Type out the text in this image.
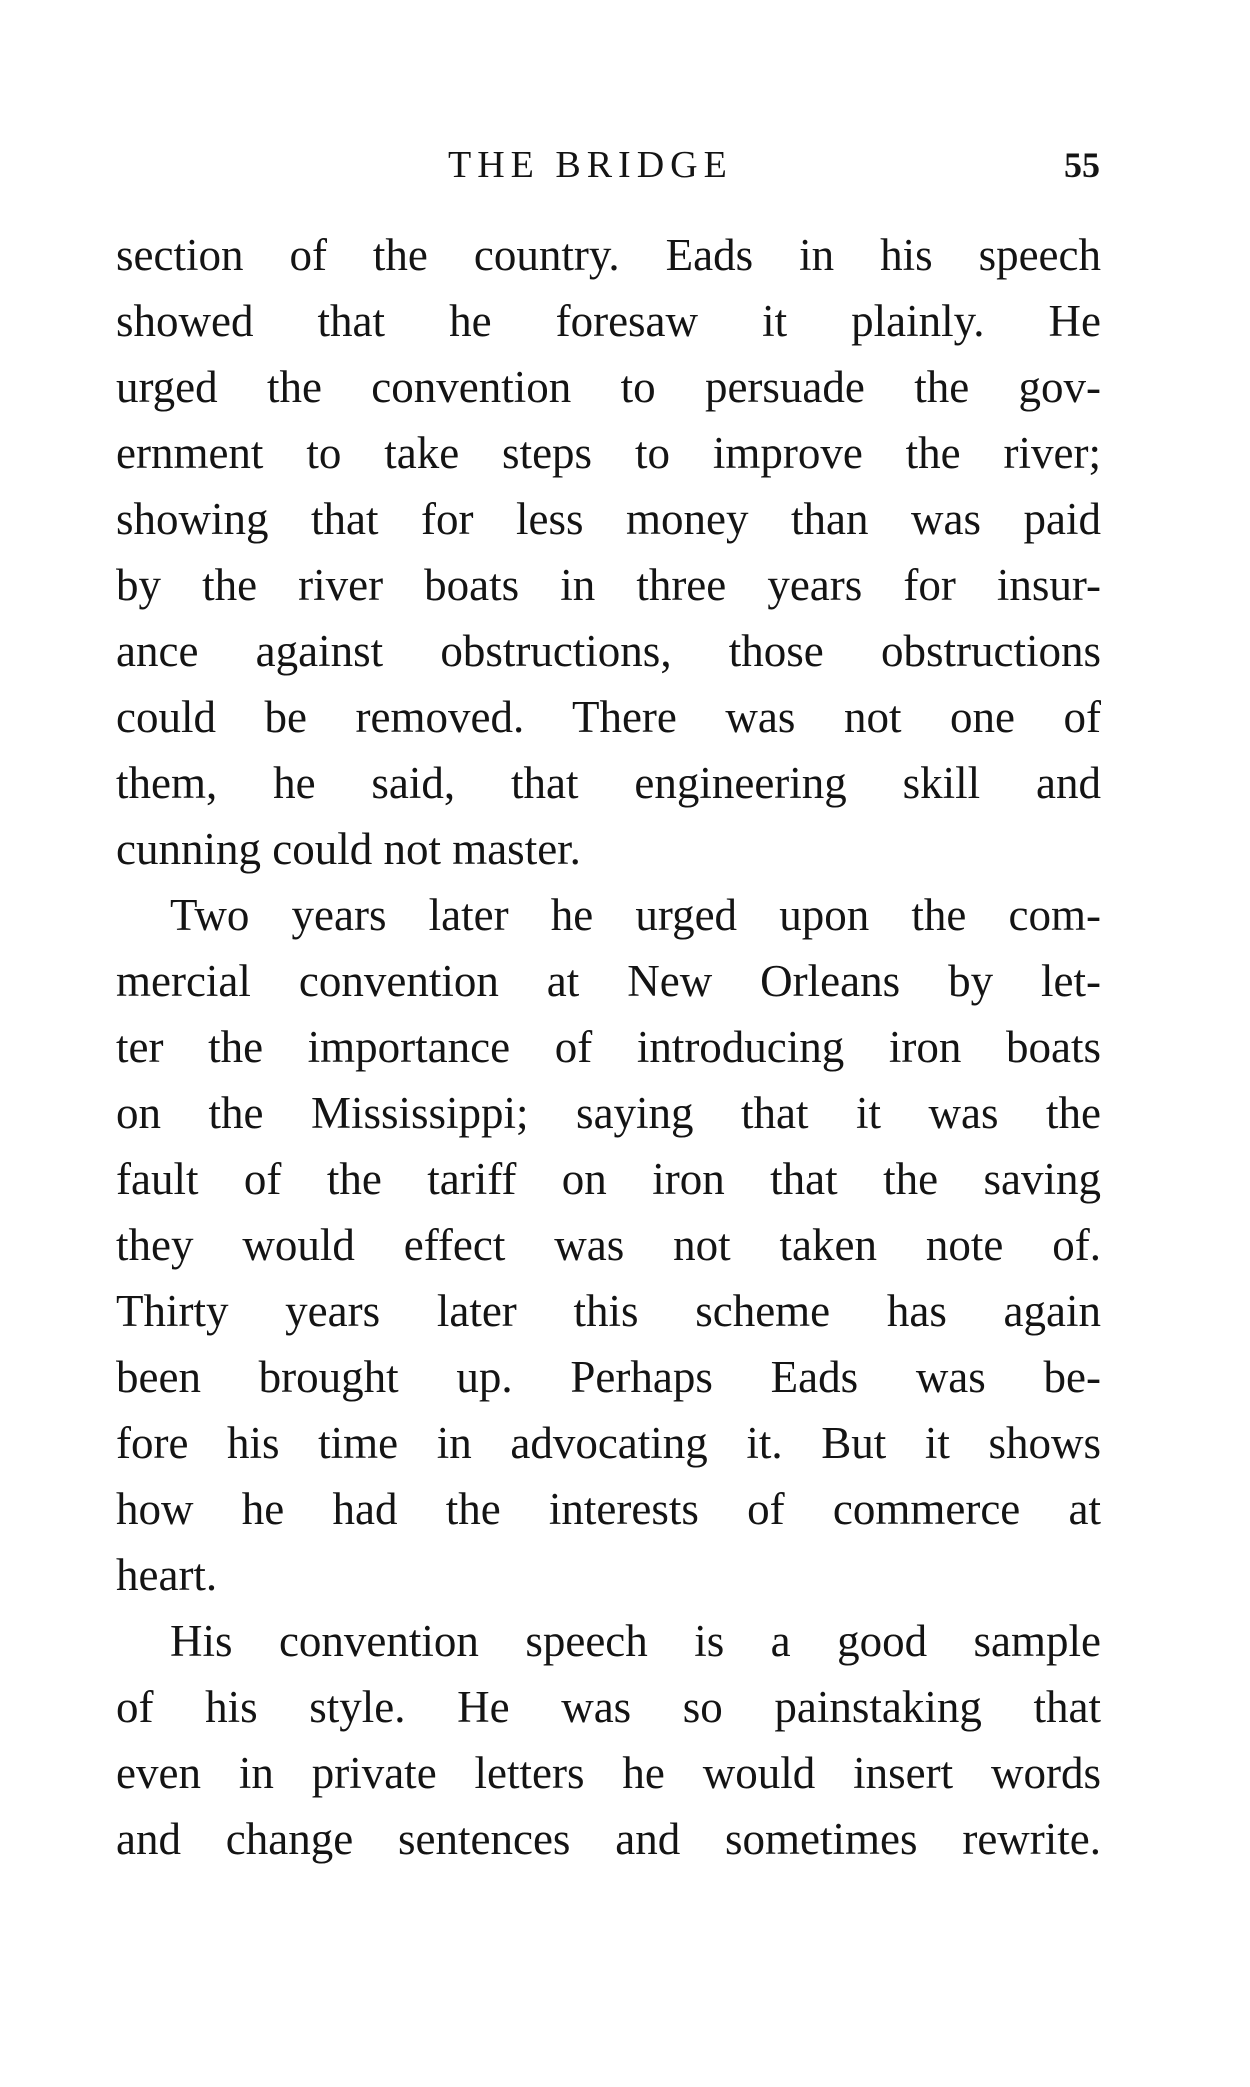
THE BRIDGE	55
section of the country. Eads in his speech
showed that he foresaw it plainly. He
urged the convention to persuade the gov-
ernment to take steps to improve the river;
showing that for less money than was paid
by the river boats in three years for insur-
ance against obstructions, those obstructions
could be removed. There was not one of
them, he said, that engineering skill and
cunning could not master.
Two years later he urged upon the com-
mercial convention at New Orleans by let-
ter the importance of introducing iron boats
on the Mississippi; saying that it was the
fault of the tariff on iron that the saving
they would effect was not taken note of.
Thirty years later this scheme has again
been brought up. Perhaps Eads was be-
fore his time in advocating it. But it shows
how he had the interests of commerce at
heart.
His convention speech is a good sample
of his style. He was so painstaking that
even in private letters he would insert words
and change sentences and sometimes rewrite.
